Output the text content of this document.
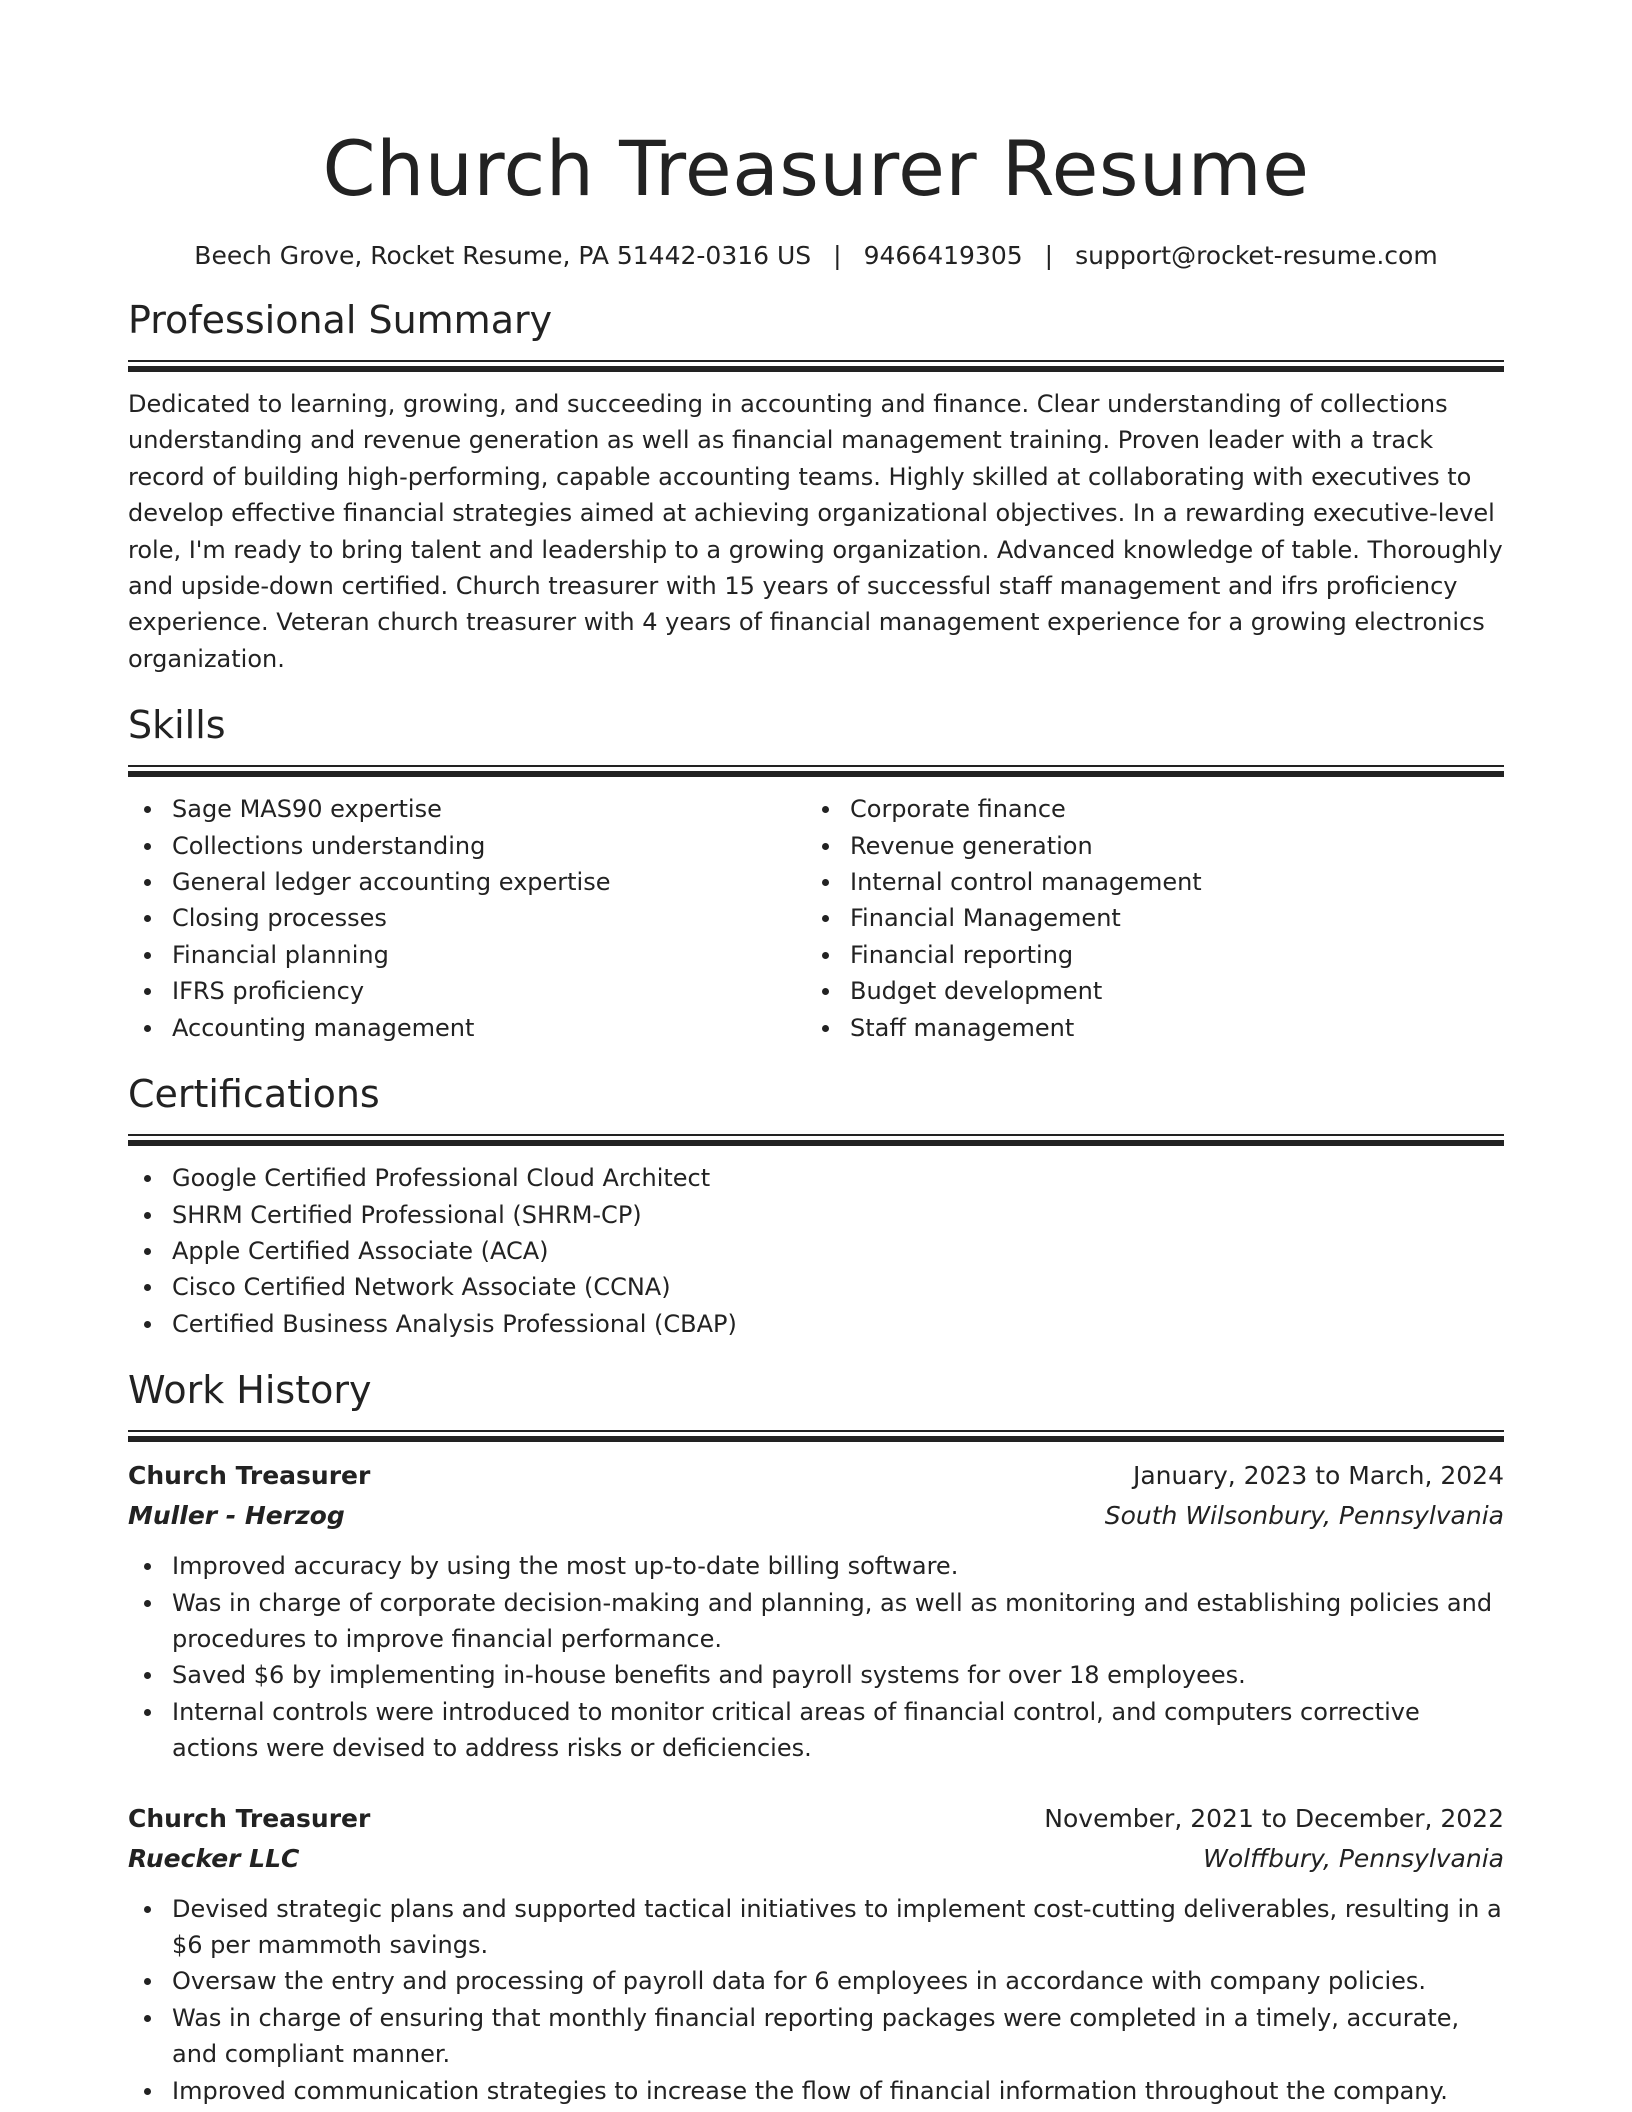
Church Treasurer Resume
Beech Grove, Rocket Resume, PA 51442-0316 US | 9466419305 | support@rocket-resume.com
Professional Summary

Dedicated to learning, growing, and succeeding in accounting and finance. Clear understanding of collections understanding and revenue generation as well as financial management training. Proven leader with a track record of building high-performing, capable accounting teams. Highly skilled at collaborating with executives to develop effective financial strategies aimed at achieving organizational objectives. In a rewarding executive-level role, I'm ready to bring talent and leadership to a growing organization. Advanced knowledge of table. Thoroughly and upside-down certified. Church treasurer with 15 years of successful staff management and ifrs proficiency experience. Veteran church treasurer with 4 years of financial management experience for a growing electronics organization.

Skills
Sage MAS90 expertise
Collections understanding
General ledger accounting expertise
Closing processes
Financial planning
IFRS proficiency
Accounting management
Corporate finance
Revenue generation
Internal control management
Financial Management
Financial reporting
Budget development
Staff management
Certifications
Google Certified Professional Cloud Architect
SHRM Certified Professional (SHRM-CP)
Apple Certified Associate (ACA)
Cisco Certified Network Associate (CCNA)
Certified Business Analysis Professional (CBAP)
Work History
Church Treasurer	January, 2023 to March, 2024
Muller - Herzog	South Wilsonbury, Pennsylvania
Improved accuracy by using the most up-to-date billing software.
Was in charge of corporate decision-making and planning, as well as monitoring and establishing policies and procedures to improve financial performance.
Saved $6 by implementing in-house benefits and payroll systems for over 18 employees.
Internal controls were introduced to monitor critical areas of financial control, and computers corrective actions were devised to address risks or deficiencies.
Church Treasurer	November, 2021 to December, 2022
Ruecker LLC	Wolffbury, Pennsylvania
Devised strategic plans and supported tactical initiatives to implement cost-cutting deliverables, resulting in a $6 per mammoth savings.
Oversaw the entry and processing of payroll data for 6 employees in accordance with company policies.
Was in charge of ensuring that monthly financial reporting packages were completed in a timely, accurate, and compliant manner.
Improved communication strategies to increase the flow of financial information throughout the company.
